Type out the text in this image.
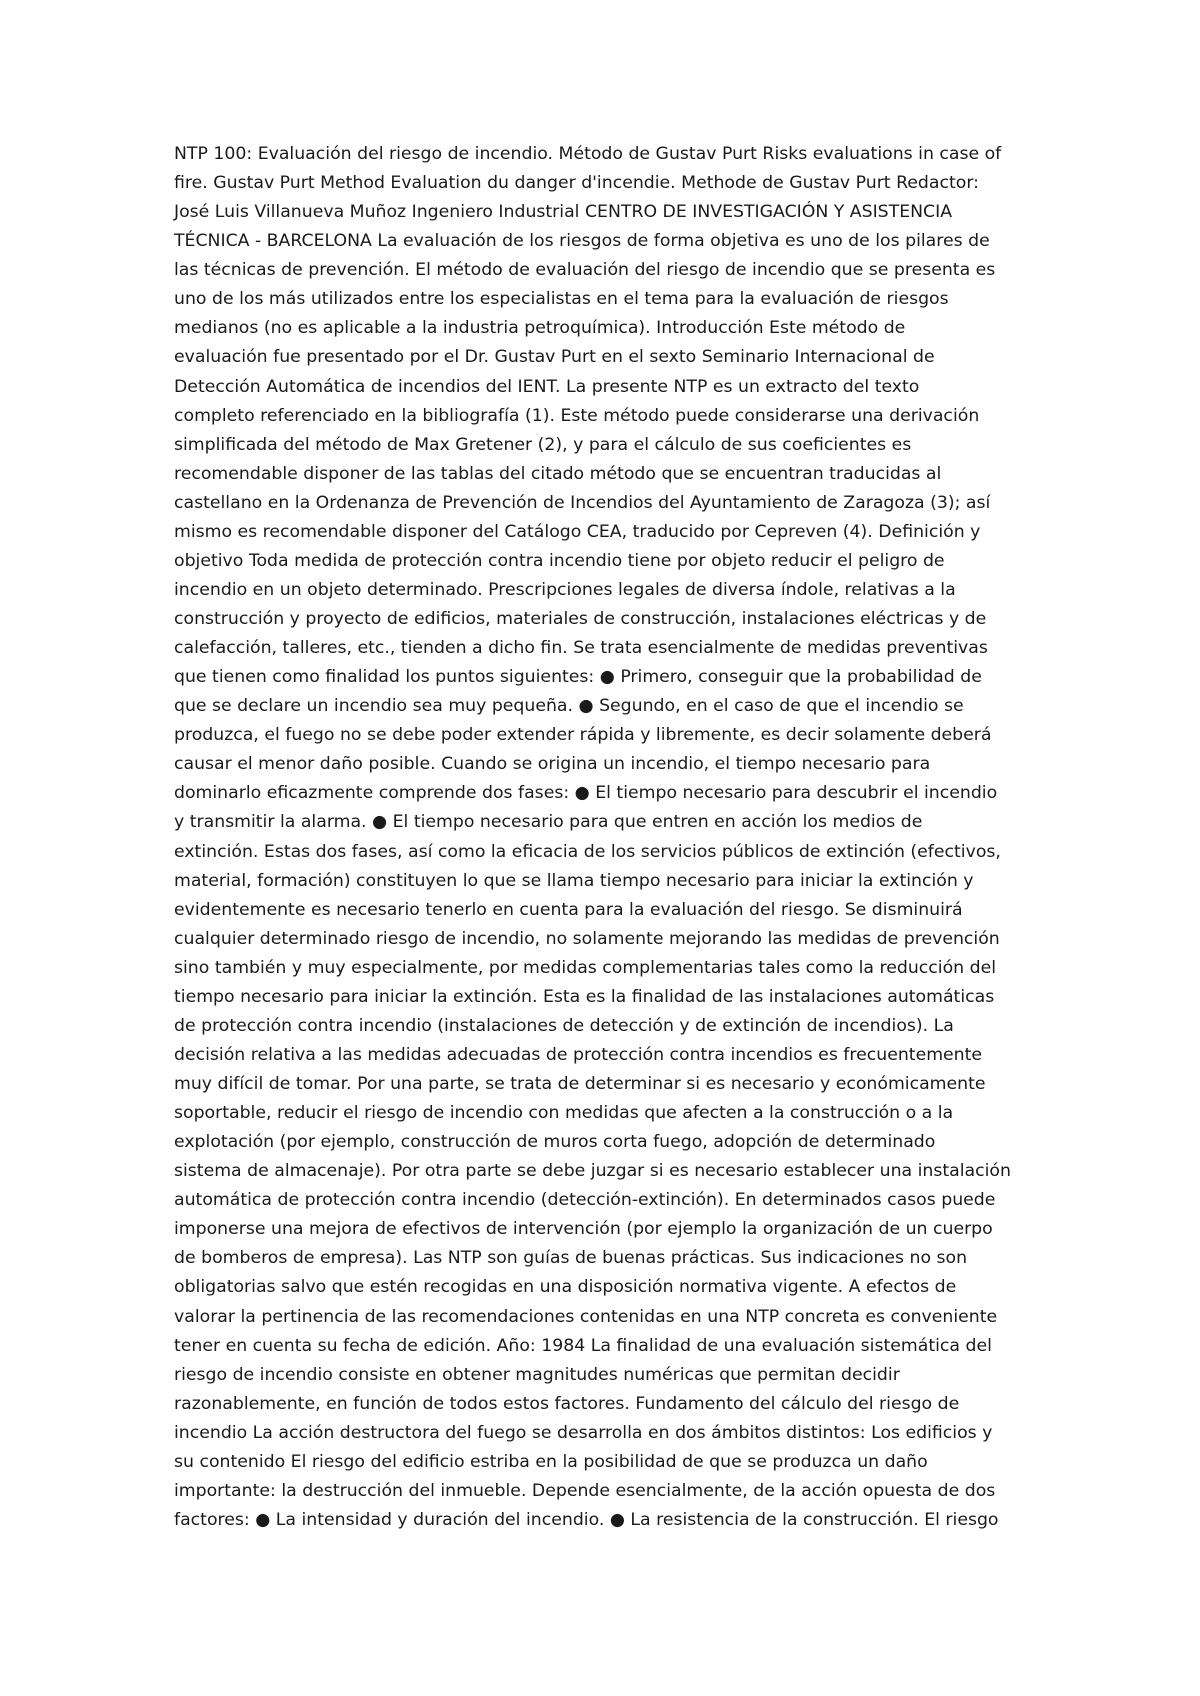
NTP 100: Evaluación del riesgo de incendio. Método de Gustav Purt Risks evaluations in case of
fire. Gustav Purt Method Evaluation du danger d'incendie. Methode de Gustav Purt Redactor:
José Luis Villanueva Muñoz Ingeniero Industrial CENTRO DE INVESTIGACIÓN Y ASISTENCIA
TÉCNICA - BARCELONA La evaluación de los riesgos de forma objetiva es uno de los pilares de
las técnicas de prevención. El método de evaluación del riesgo de incendio que se presenta es
uno de los más utilizados entre los especialistas en el tema para la evaluación de riesgos
medianos (no es aplicable a la industria petroquímica). Introducción Este método de
evaluación fue presentado por el Dr. Gustav Purt en el sexto Seminario Internacional de
Detección Automática de incendios del IENT. La presente NTP es un extracto del texto
completo referenciado en la bibliografía (1). Este método puede considerarse una derivación
simplificada del método de Max Gretener (2), y para el cálculo de sus coeficientes es
recomendable disponer de las tablas del citado método que se encuentran traducidas al
castellano en la Ordenanza de Prevención de Incendios del Ayuntamiento de Zaragoza (3); así
mismo es recomendable disponer del Catálogo CEA, traducido por Cepreven (4). Definición y
objetivo Toda medida de protección contra incendio tiene por objeto reducir el peligro de
incendio en un objeto determinado. Prescripciones legales de diversa índole, relativas a la
construcción y proyecto de edificios, materiales de construcción, instalaciones eléctricas y de
calefacción, talleres, etc., tienden a dicho fin. Se trata esencialmente de medidas preventivas
que tienen como finalidad los puntos siguientes: ● Primero, conseguir que la probabilidad de
que se declare un incendio sea muy pequeña. ● Segundo, en el caso de que el incendio se
produzca, el fuego no se debe poder extender rápida y libremente, es decir solamente deberá
causar el menor daño posible. Cuando se origina un incendio, el tiempo necesario para
dominarlo eficazmente comprende dos fases: ● El tiempo necesario para descubrir el incendio
y transmitir la alarma. ● El tiempo necesario para que entren en acción los medios de
extinción. Estas dos fases, así como la eficacia de los servicios públicos de extinción (efectivos,
material, formación) constituyen lo que se llama tiempo necesario para iniciar la extinción y
evidentemente es necesario tenerlo en cuenta para la evaluación del riesgo. Se disminuirá
cualquier determinado riesgo de incendio, no solamente mejorando las medidas de prevención
sino también y muy especialmente, por medidas complementarias tales como la reducción del
tiempo necesario para iniciar la extinción. Esta es la finalidad de las instalaciones automáticas
de protección contra incendio (instalaciones de detección y de extinción de incendios). La
decisión relativa a las medidas adecuadas de protección contra incendios es frecuentemente
muy difícil de tomar. Por una parte, se trata de determinar si es necesario y económicamente
soportable, reducir el riesgo de incendio con medidas que afecten a la construcción o a la
explotación (por ejemplo, construcción de muros corta fuego, adopción de determinado
sistema de almacenaje). Por otra parte se debe juzgar si es necesario establecer una instalación
automática de protección contra incendio (detección-extinción). En determinados casos puede
imponerse una mejora de efectivos de intervención (por ejemplo la organización de un cuerpo
de bomberos de empresa). Las NTP son guías de buenas prácticas. Sus indicaciones no son
obligatorias salvo que estén recogidas en una disposición normativa vigente. A efectos de
valorar la pertinencia de las recomendaciones contenidas en una NTP concreta es conveniente
tener en cuenta su fecha de edición. Año: 1984 La finalidad de una evaluación sistemática del
riesgo de incendio consiste en obtener magnitudes numéricas que permitan decidir
razonablemente, en función de todos estos factores. Fundamento del cálculo del riesgo de
incendio La acción destructora del fuego se desarrolla en dos ámbitos distintos: Los edificios y
su contenido El riesgo del edificio estriba en la posibilidad de que se produzca un daño
importante: la destrucción del inmueble. Depende esencialmente, de la acción opuesta de dos
factores: ● La intensidad y duración del incendio. ● La resistencia de la construcción. El riesgo
